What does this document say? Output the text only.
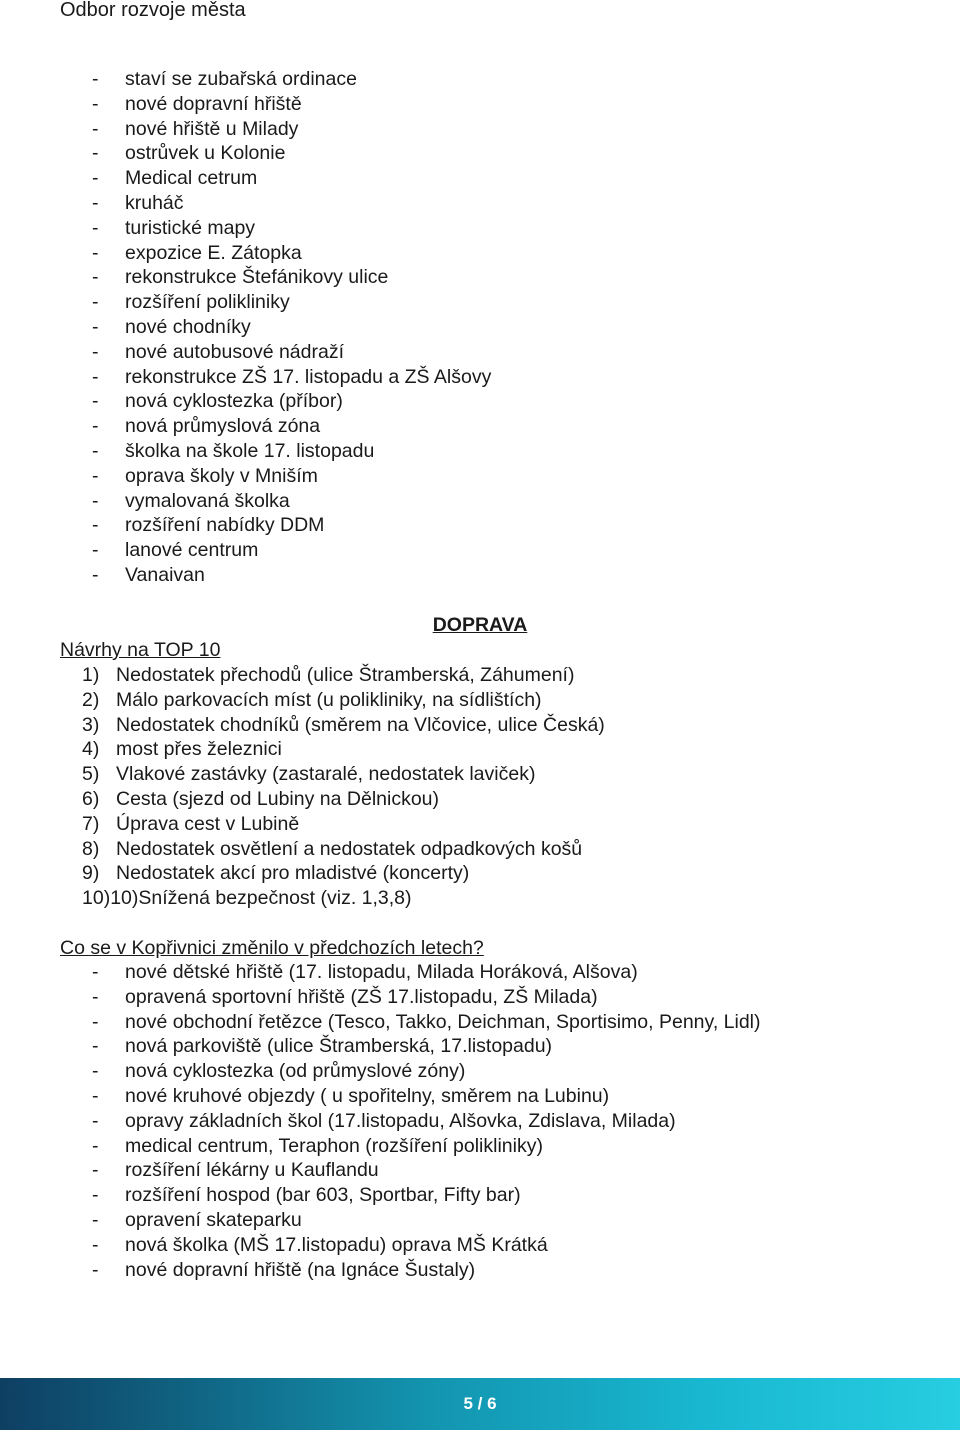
Odbor rozvoje města
- staví se zubařská ordinace
- nové dopravní hřiště
- nové hřiště u Milady
- ostrůvek u Kolonie
- Medical cetrum
- kruháč
- turistické mapy
- expozice E. Zátopka
- rekonstrukce Štefánikovy ulice
- rozšíření polikliniky
- nové chodníky
- nové autobusové nádraží
- rekonstrukce ZŠ 17. listopadu a ZŠ Alšovy
- nová cyklostezka (příbor)
- nová průmyslová zóna
- školka na škole 17. listopadu
- oprava školy v Mniším
- vymalovaná školka
- rozšíření nabídky DDM
- lanové centrum
- Vanaivan
DOPRAVA
Návrhy na TOP 10
1) Nedostatek přechodů (ulice Štramberská, Záhumení)
2) Málo parkovacích míst (u polikliniky, na sídlištích)
3) Nedostatek chodníků (směrem na Vlčovice, ulice Česká)
4) most přes železnici
5) Vlakové zastávky (zastaralé, nedostatek laviček)
6) Cesta (sjezd od Lubiny na Dělnickou)
7) Úprava cest v Lubině
8) Nedostatek osvětlení a nedostatek odpadkových košů
9) Nedostatek akcí pro mladistvé (koncerty)
10)10)Snížená bezpečnost (viz. 1,3,8)
Co se v Kopřivnici změnilo v předchozích letech?
- nové dětské hřiště (17. listopadu, Milada Horáková, Alšova)
- opravená sportovní hřiště (ZŠ 17.listopadu, ZŠ Milada)
- nové obchodní řetězce (Tesco, Takko, Deichman, Sportisimo, Penny, Lidl)
- nová parkoviště (ulice Štramberská, 17.listopadu)
- nová cyklostezka (od průmyslové zóny)
- nové kruhové objezdy ( u spořitelny, směrem na Lubinu)
- opravy základních škol (17.listopadu, Alšovka, Zdislava, Milada)
- medical centrum, Teraphon (rozšíření polikliniky)
- rozšíření lékárny u Kauflandu
- rozšíření hospod (bar 603, Sportbar, Fifty bar)
- opravení skateparku
- nová školka (MŠ 17.listopadu) oprava MŠ Krátká
- nové dopravní hřiště (na Ignáce Šustaly)
5 / 6
